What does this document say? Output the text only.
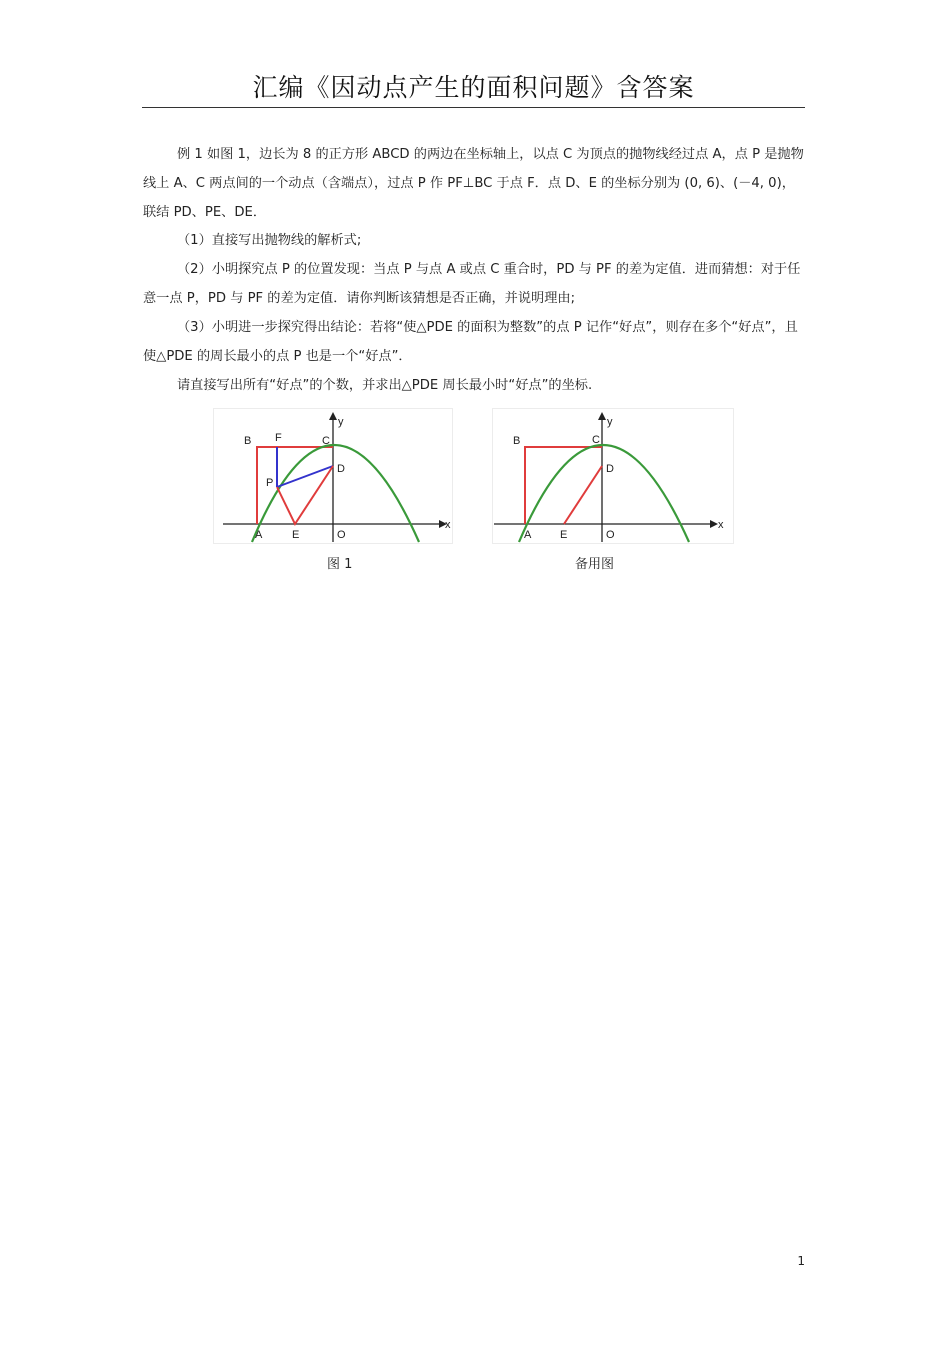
汇编《因动点产生的面积问题》含答案

例 1 如图 1，边长为 8 的正方形 ABCD 的两边在坐标轴上，以点 C 为顶点的抛物线经过点 A，点 P 是抛物线上 A、C 两点间的一个动点（含端点），过点 P 作 PF⊥BC 于点 F．点 D、E 的坐标分别为 (0, 6)、(－4, 0)，联结 PD、PE、DE．

（1）直接写出抛物线的解析式;

（2）小明探究点 P 的位置发现：当点 P 与点 A 或点 C 重合时，PD 与 PF 的差为定值．进而猜想：对于任意一点 P，PD 与 PF 的差为定值．请你判断该猜想是否正确，并说明理由;

（3）小明进一步探究得出结论：若将“使△PDE 的面积为整数”的点 P 记作“好点”，则存在多个“好点”，且使△PDE 的周长最小的点 P 也是一个“好点”．

请直接写出所有“好点”的个数，并求出△PDE 周长最小时“好点”的坐标.

B F	C
y
D
P
A	E	O
x
B	C
y
D
A	E	O
x
图 1	备用图
1
